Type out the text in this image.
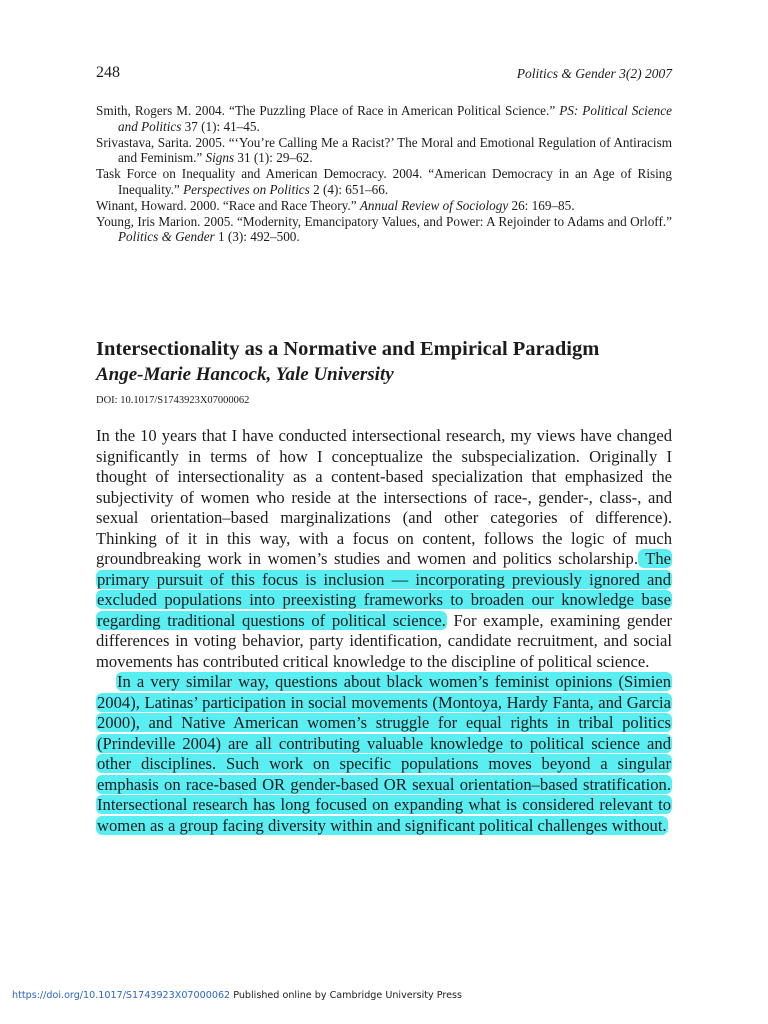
248	Politics & Gender 3(2) 2007

Smith, Rogers M. 2004. “The Puzzling Place of Race in American Political Science.” PS: Political Science and Politics 37 (1): 41–45.

Srivastava, Sarita. 2005. “‘You’re Calling Me a Racist?’ The Moral and Emotional Regulation of Antiracism and Feminism.” Signs 31 (1): 29–62.

Task Force on Inequality and American Democracy. 2004. “American Democracy in an Age of Rising Inequality.” Perspectives on Politics 2 (4): 651–66.

Winant, Howard. 2000. “Race and Race Theory.” Annual Review of Sociology 26: 169–85.

Young, Iris Marion. 2005. “Modernity, Emancipatory Values, and Power: A Rejoinder to Adams and Orloff.” Politics & Gender 1 (3): 492–500.

Intersectionality as a Normative and Empirical Paradigm
Ange-Marie Hancock, Yale University
DOI: 10.1017/S1743923X07000062

In the 10 years that I have conducted intersectional research, my views have changed significantly in terms of how I conceptualize the subspecialization. Originally I thought of intersectionality as a content-based specialization that emphasized the subjectivity of women who reside at the intersections of race-, gender-, class-, and sexual orientation–based marginalizations (and other categories of difference). Thinking of it in this way, with a focus on content, follows the logic of much groundbreaking work in women’s studies and women and politics scholarship. The primary pursuit of this focus is inclusion — incorporating previously ignored and excluded populations into preexisting frameworks to broaden our knowledge base regarding traditional questions of political science. For example, examining gender differences in voting behavior, party identification, candidate recruitment, and social movements has contributed critical knowledge to the discipline of political science.

In a very similar way, questions about black women’s feminist opinions (Simien 2004), Latinas’ participation in social movements (Montoya, Hardy Fanta, and Garcia 2000), and Native American women’s struggle for equal rights in tribal politics (Prindeville 2004) are all contributing valuable knowledge to political science and other disciplines. Such work on specific populations moves beyond a singular emphasis on race-based OR gender-based OR sexual orientation–based stratification. Intersectional research has long focused on expanding what is considered relevant to women as a group facing diversity within and significant political challenges without.

https://doi.org/10.1017/S1743923X07000062 Published online by Cambridge University Press
